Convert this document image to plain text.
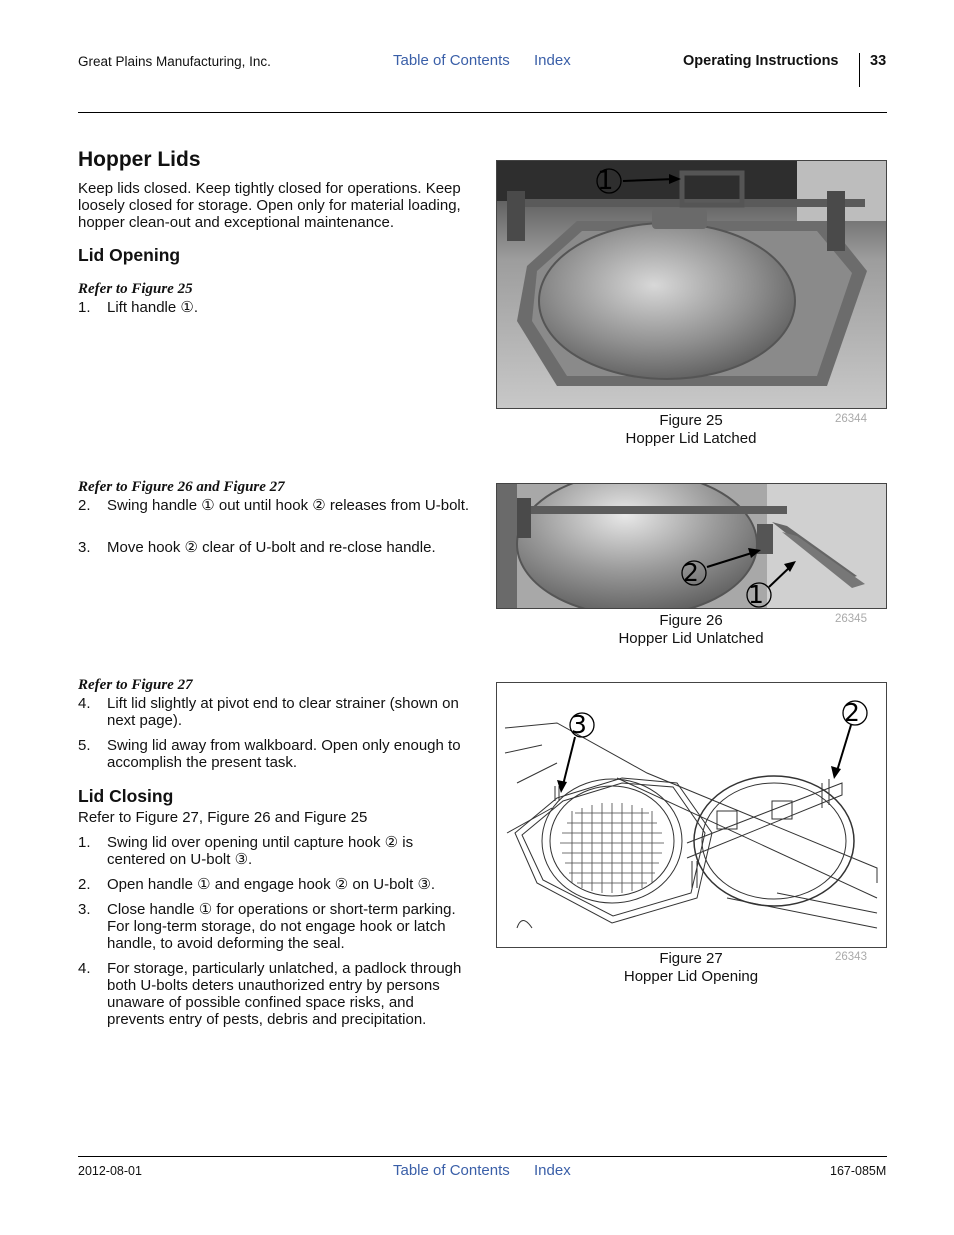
Great Plains Manufacturing, Inc.	Table of Contents Index	Operating Instructions 33
Hopper Lids
Keep lids closed. Keep tightly closed for operations. Keep loosely closed for storage. Open only for material loading, hopper clean-out and exceptional maintenance.
Lid Opening
Refer to Figure 25
1. Lift handle ①.
Refer to Figure 26 and Figure 27
2. Swing handle ① out until hook ② releases from U-bolt.
3. Move hook ② clear of U-bolt and re-close handle.
Refer to Figure 27
4. Lift lid slightly at pivot end to clear strainer (shown on next page).
5. Swing lid away from walkboard. Open only enough to accomplish the present task.
Lid Closing
Refer to Figure 27, Figure 26 and Figure 25
1. Swing lid over opening until capture hook ② is centered on U-bolt ③.
2. Open handle ① and engage hook ② on U-bolt ③.
3. Close handle ① for operations or short-term parking. For long-term storage, do not engage hook or latch handle, to avoid deforming the seal.
4. For storage, particularly unlatched, a padlock through both U-bolts deters unauthorized entry by persons unaware of possible confined space risks, and prevents entry of pests, debris and precipitation.
1
Figure 25
Hopper Lid Latched
26344
2
1
Figure 26
Hopper Lid Unlatched
26345
3	2
Figure 27
Hopper Lid Opening
26343
2012-08-01	Table of Contents Index	167-085M
